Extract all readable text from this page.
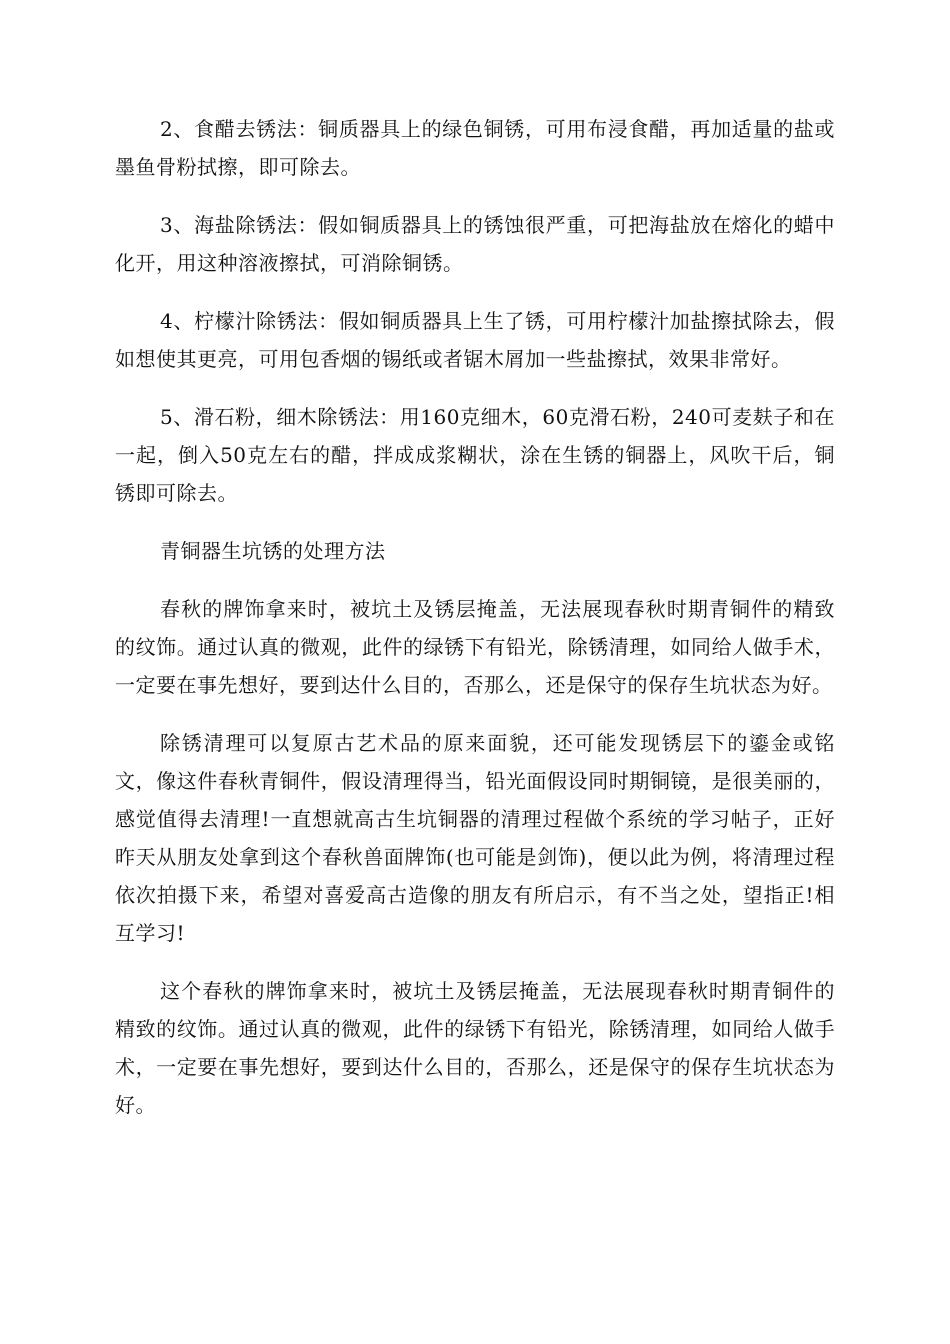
2、食醋去锈法：铜质器具上的绿色铜锈，可用布浸食醋，再加适量的盐或墨鱼骨粉拭擦，即可除去。

3、海盐除锈法：假如铜质器具上的锈蚀很严重，可把海盐放在熔化的蜡中化开，用这种溶液擦拭，可消除铜锈。

4、柠檬汁除锈法：假如铜质器具上生了锈，可用柠檬汁加盐擦拭除去，假如想使其更亮，可用包香烟的锡纸或者锯木屑加一些盐擦拭，效果非常好。

5、滑石粉，细木除锈法：用160克细木，60克滑石粉，240可麦麸子和在一起，倒入50克左右的醋，拌成成浆糊状，涂在生锈的铜器上，风吹干后，铜锈即可除去。

青铜器生坑锈的处理方法

春秋的牌饰拿来时，被坑土及锈层掩盖，无法展现春秋时期青铜件的精致的纹饰。通过认真的微观，此件的绿锈下有铅光，除锈清理，如同给人做手术，一定要在事先想好，要到达什么目的，否那么，还是保守的保存生坑状态为好。

除锈清理可以复原古艺术品的原来面貌，还可能发现锈层下的鎏金或铭文，像这件春秋青铜件，假设清理得当，铅光面假设同时期铜镜，是很美丽的，感觉值得去清理!一直想就高古生坑铜器的清理过程做个系统的学习帖子，正好昨天从朋友处拿到这个春秋兽面牌饰(也可能是剑饰)，便以此为例，将清理过程依次拍摄下来，希望对喜爱高古造像的朋友有所启示，有不当之处，望指正!相互学习!

这个春秋的牌饰拿来时，被坑土及锈层掩盖，无法展现春秋时期青铜件的精致的纹饰。通过认真的微观，此件的绿锈下有铅光，除锈清理，如同给人做手术，一定要在事先想好，要到达什么目的，否那么，还是保守的保存生坑状态为好。
